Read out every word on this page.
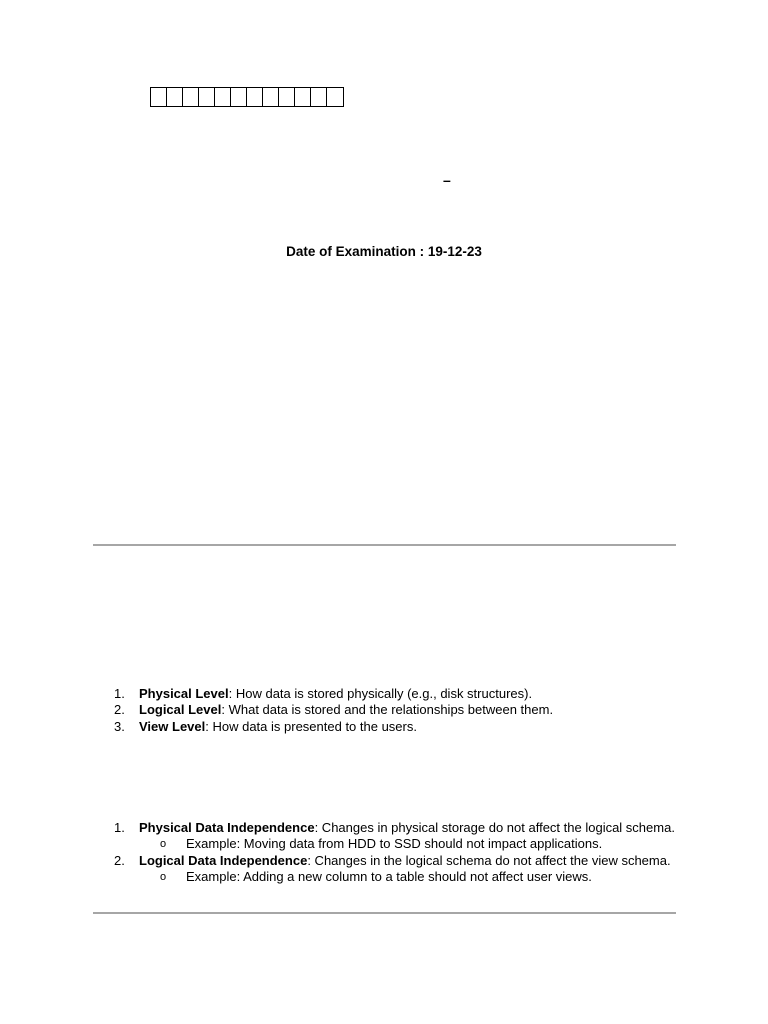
–
Date of Examination : 19-12-23
1. Physical Level: How data is stored physically (e.g., disk structures).
2. Logical Level: What data is stored and the relationships between them.
3. View Level: How data is presented to the users.
1. Physical Data Independence: Changes in physical storage do not affect the logical schema.
o Example: Moving data from HDD to SSD should not impact applications.
2. Logical Data Independence: Changes in the logical schema do not affect the view schema.
o Example: Adding a new column to a table should not affect user views.
